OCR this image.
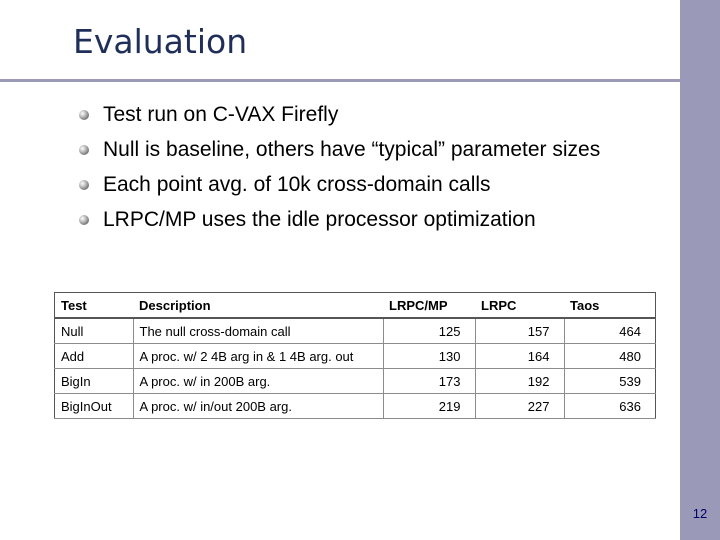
12
Evaluation
Test run on C-VAX Firefly
Null is baseline, others have “typical” parameter sizes
Each point avg. of 10k cross-domain calls
LRPC/MP uses the idle processor optimization
Test	Description	LRPC/MP	LRPC	Taos
Null	The null cross-domain call	125	157	464
Add	A proc. w/ 2 4B arg in & 1 4B arg. out	130	164	480
BigIn	A proc. w/ in 200B arg.	173	192	539
BigInOut	A proc. w/ in/out 200B arg.	219	227	636
